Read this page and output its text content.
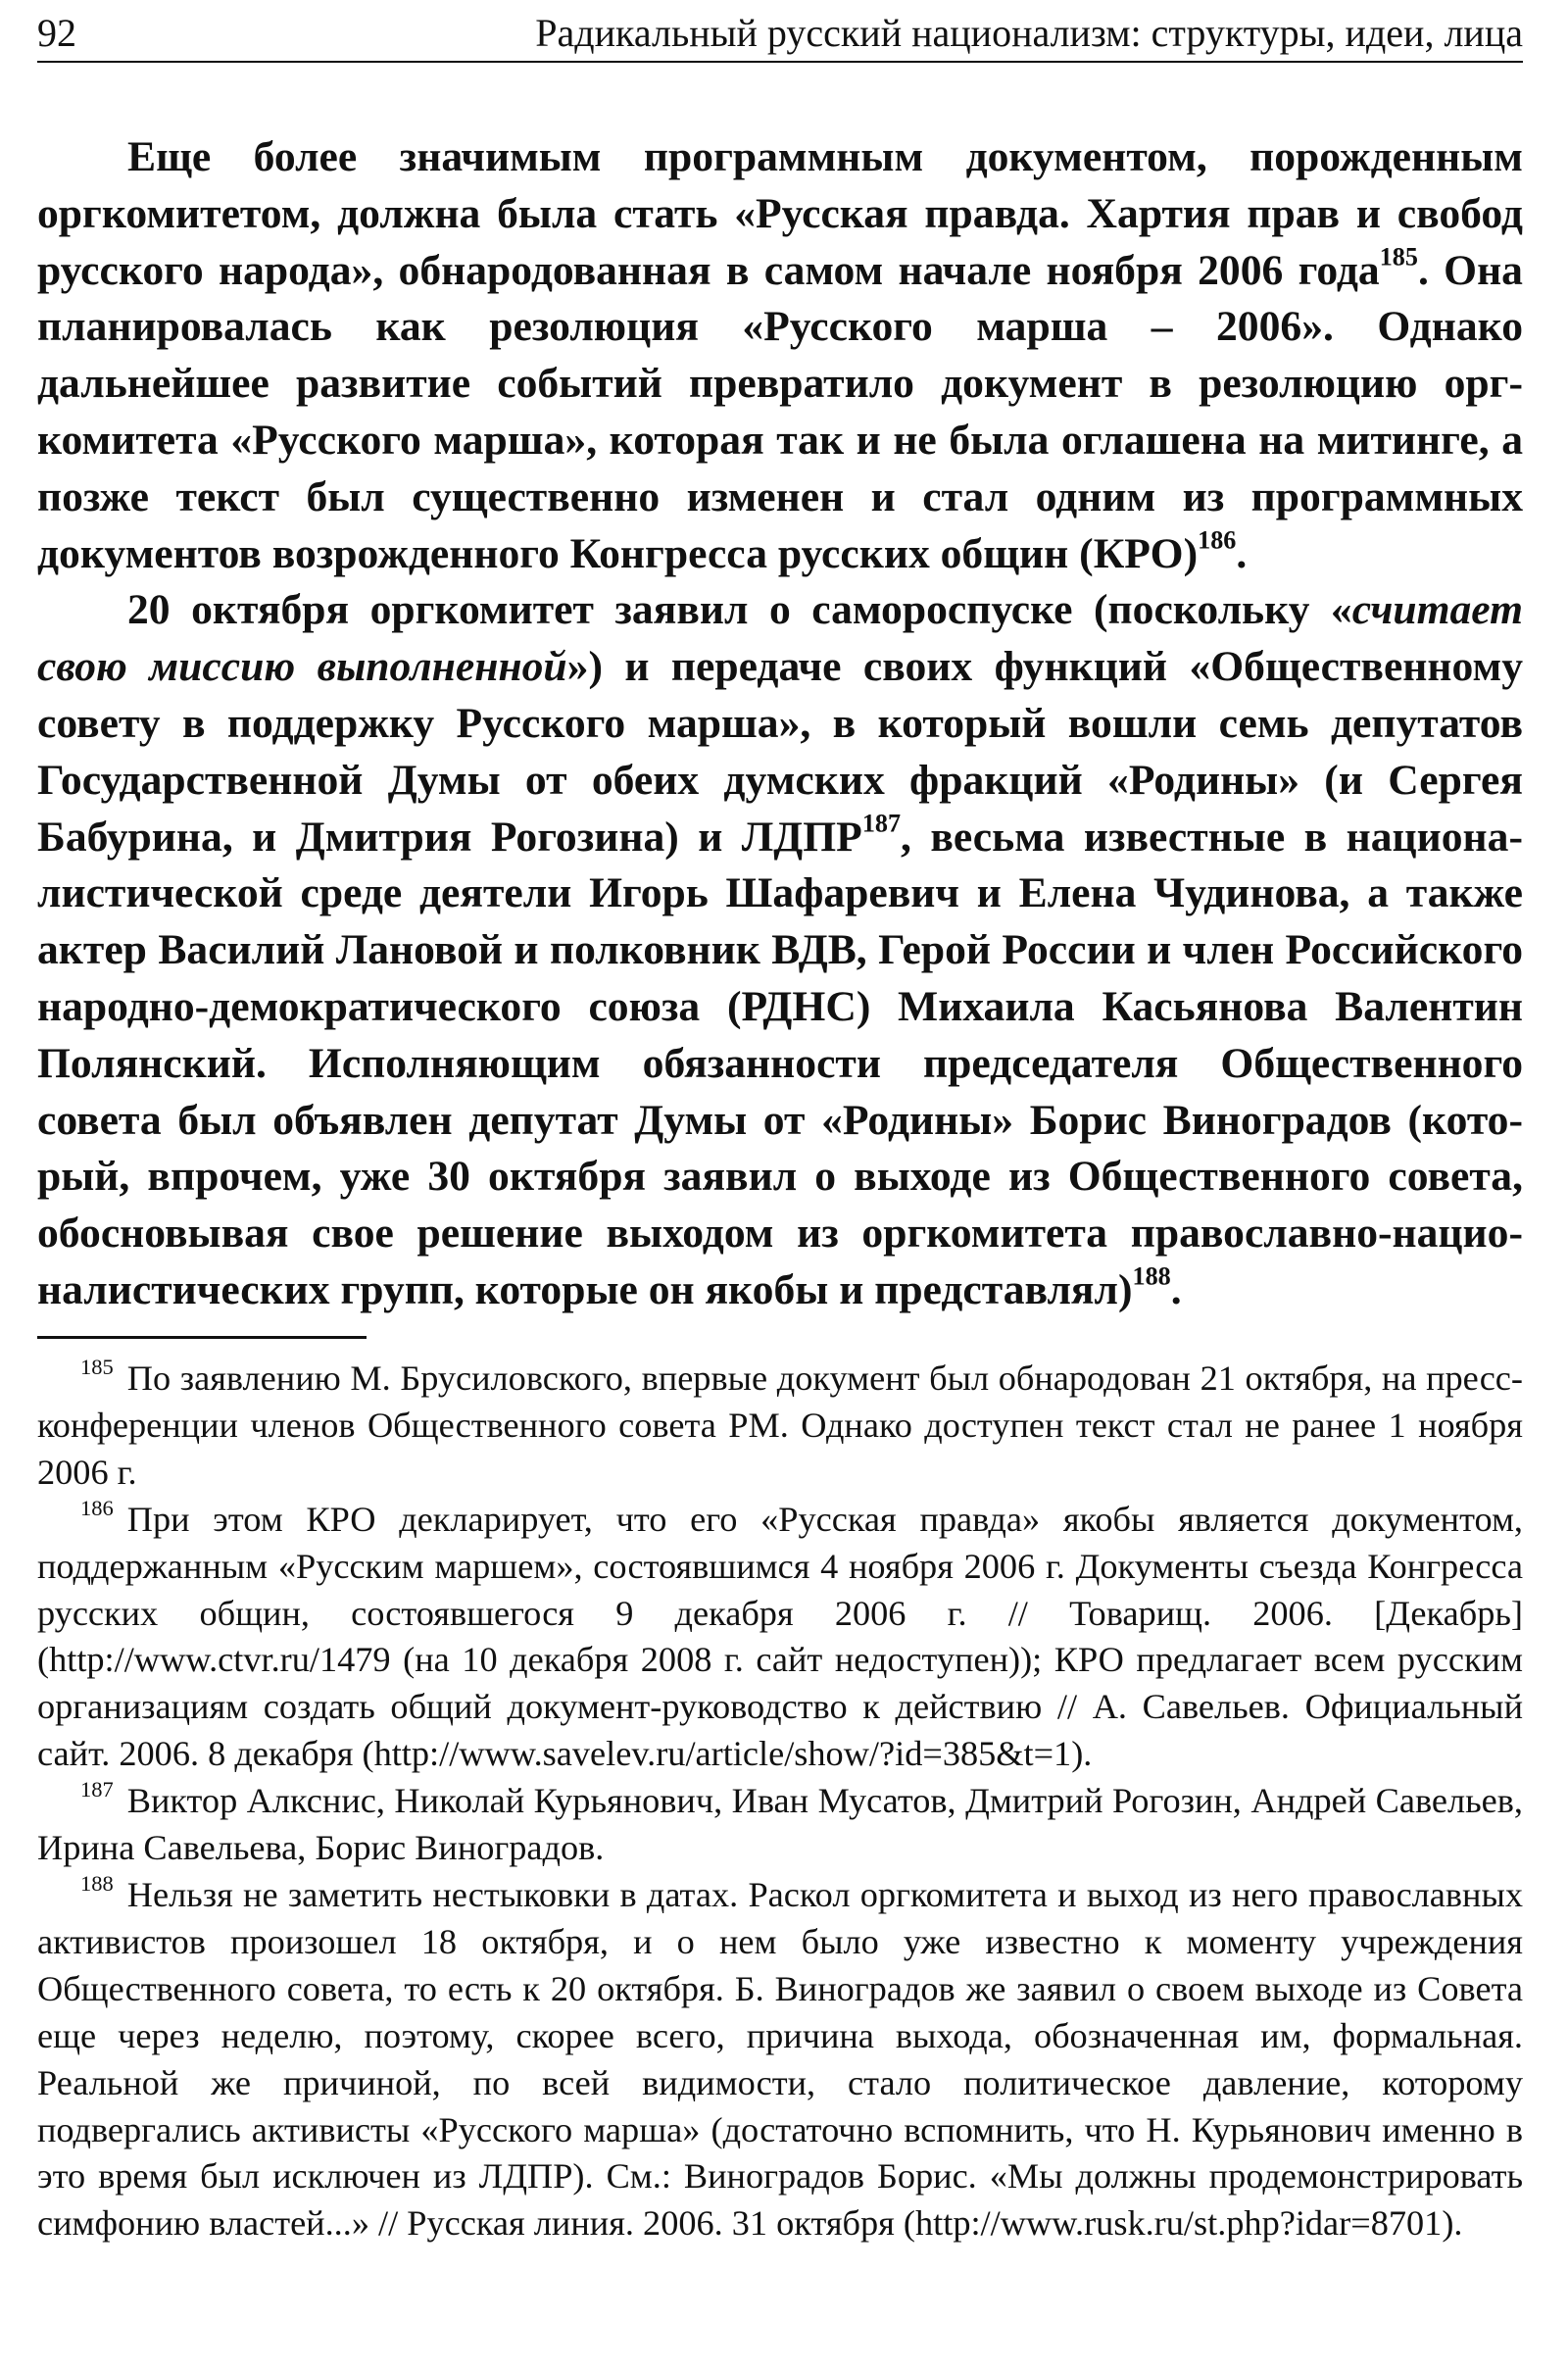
92	Радикальный русский национализм: структуры, идеи, лица

Еще более значимым программным документом, порожденным оргкомитетом, должна была стать «Русская правда. Хартия прав и свобод русского народа», обнародованная в самом начале ноября 2006 года$^{185}$. Она планировалась как резолюция «Русского марша – 2006». Однако дальнейшее развитие событий превратило документ в резолюцию оргкомитета «Русского марша», которая так и не была оглашена на митинге, а позже текст был существенно изменен и стал одним из программных документов возрожденного Конгресса русских общин (КРО)$^{186}$.

20 октября оргкомитет заявил о самороспуске (поскольку «считает свою миссию выполненной») и передаче своих функций «Общественному совету в поддержку Русского марша», в который вошли семь депутатов Государственной Думы от обеих думских фракций «Родины» (и Сергея Бабурина, и Дмитрия Рогозина) и ЛДПР$^{187}$, весьма известные в националистической среде деятели Игорь Шафаревич и Елена Чудинова, а также актер Василий Лановой и полковник ВДВ, Герой России и член Российского народно-демократического союза (РДНС) Михаила Касьянова Валентин Полянский. Исполняющим обязанности председателя Общественного совета был объявлен депутат Думы от «Родины» Борис Виноградов (который, впрочем, уже 30 октября заявил о выходе из Общественного совета, обосновывая свое решение выходом из оргкомитета православно-националистических групп, которые он якобы и представлял)$^{188}$.

$^{185}$ По заявлению М. Брусиловского, впервые документ был обнародован 21 октября, на пресс-конференции членов Общественного совета РМ. Однако доступен текст стал не ранее 1 ноября 2006 г.

$^{186}$ При этом КРО декларирует, что его «Русская правда» якобы является документом, поддержанным «Русским маршем», состоявшимся 4 ноября 2006 г. Документы съезда Конгресса русских общин, состоявшегося 9 декабря 2006 г. // Товарищ. 2006. [Декабрь] (http://www.ctvr.ru/1479 (на 10 декабря 2008 г. сайт недоступен)); КРО предлагает всем русским организациям создать общий документ-руководство к действию // А. Савельев. Официальный сайт. 2006. 8 декабря (http://www.savelev.ru/article/show/?id=385&t=1).

$^{187}$ Виктор Алкснис, Николай Курьянович, Иван Мусатов, Дмитрий Рогозин, Андрей Савельев, Ирина Савельева, Борис Виноградов.

$^{188}$ Нельзя не заметить нестыковки в датах. Раскол оргкомитета и выход из него православных активистов произошел 18 октября, и о нем было уже известно к моменту учреждения Общественного совета, то есть к 20 октября. Б. Виноградов же заявил о своем выходе из Совета еще через неделю, поэтому, скорее всего, причина выхода, обозначенная им, формальная. Реальной же причиной, по всей видимости, стало политическое давление, которому подвергались активисты «Русского марша» (достаточно вспомнить, что Н. Курьянович именно в это время был исключен из ЛДПР). См.: Виноградов Борис. «Мы должны продемонстрировать симфонию властей...» // Русская линия. 2006. 31 октября (http://www.rusk.ru/st.php?idar=8701).
